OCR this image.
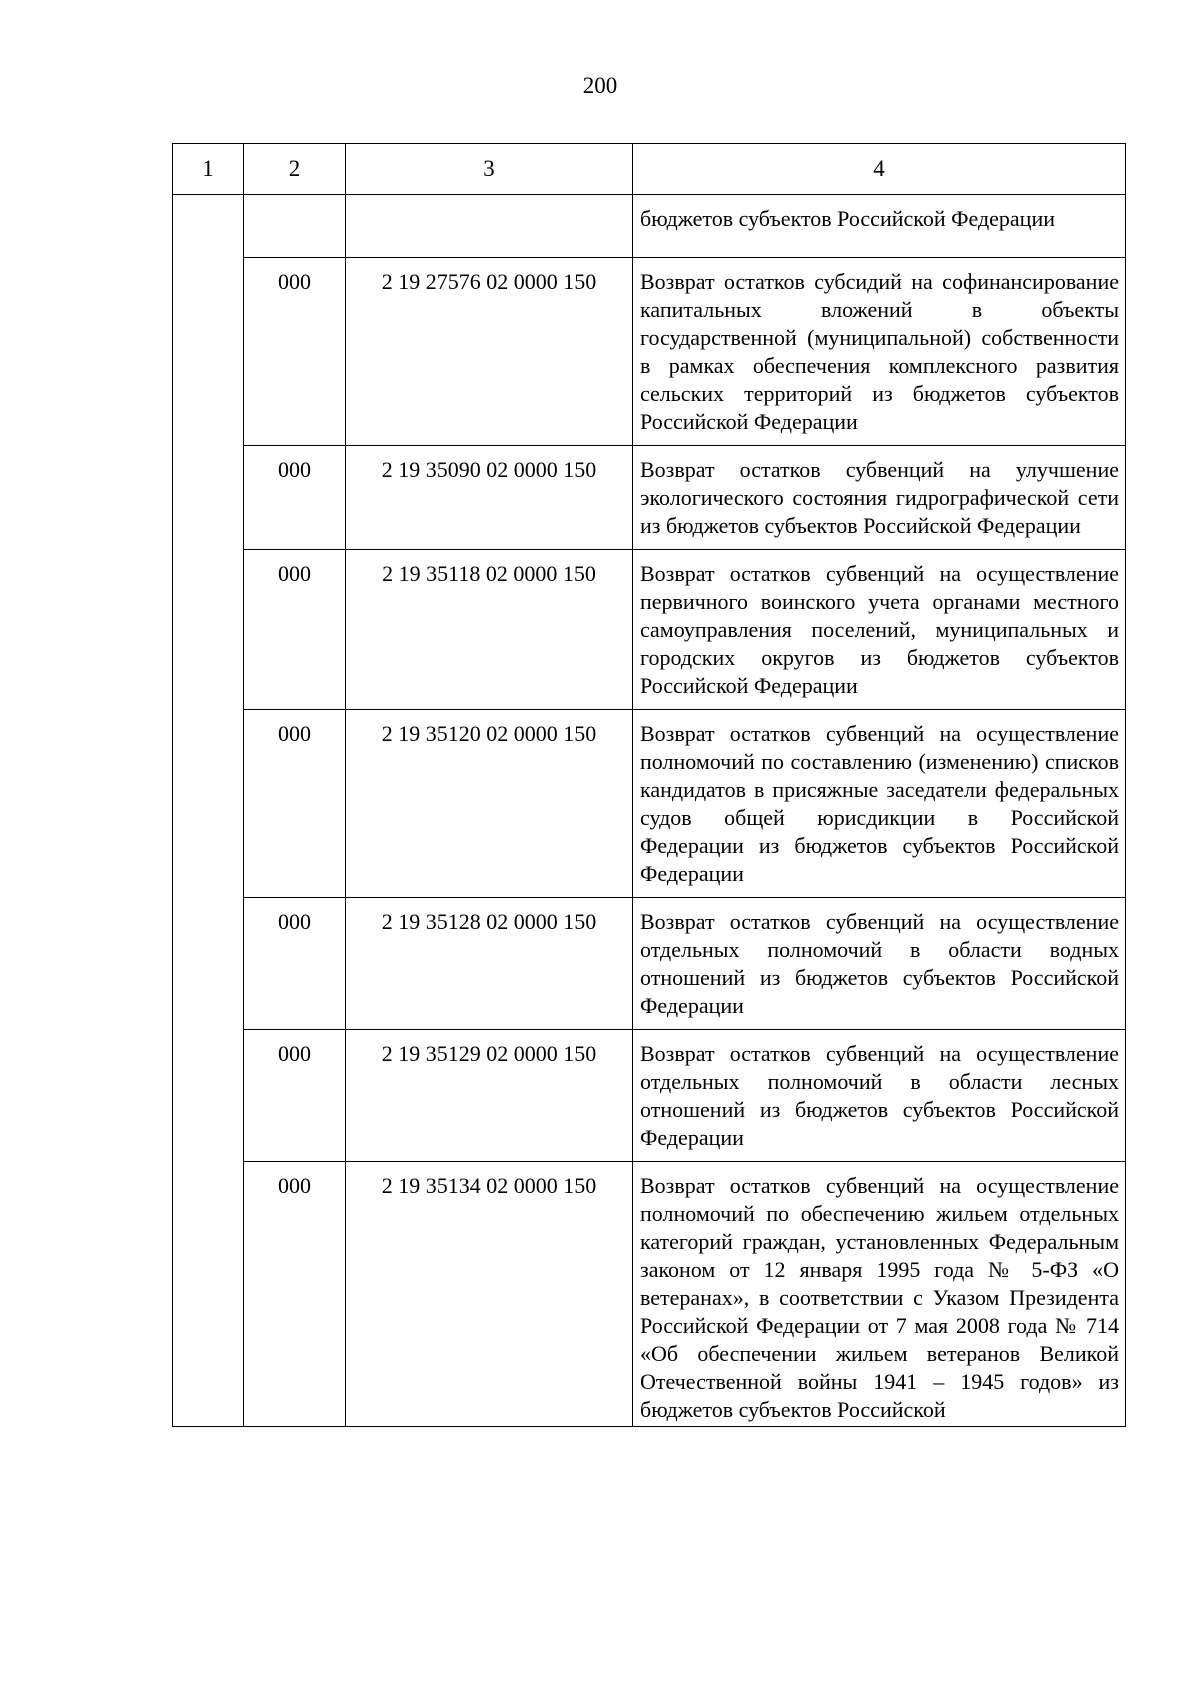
200
1	2	3	4
			бюджетов субъектов Российской Федерации
	000	2 19 27576 02 0000 150	Возврат остатков субсидий на софинансирование капитальных вложений в объекты государственной (муниципальной) собственности в рамках обеспечения комплексного развития сельских территорий из бюджетов субъектов Российской Федерации
	000	2 19 35090 02 0000 150	Возврат остатков субвенций на улучшение экологического состояния гидрографической сети из бюджетов субъектов Российской Федерации
	000	2 19 35118 02 0000 150	Возврат остатков субвенций на осуществление первичного воинского учета органами местного самоуправления поселений, муниципальных и городских округов из бюджетов субъектов Российской Федерации
	000	2 19 35120 02 0000 150	Возврат остатков субвенций на осуществление полномочий по составлению (изменению) списков кандидатов в присяжные заседатели федеральных судов общей юрисдикции в Российской Федерации из бюджетов субъектов Российской Федерации
	000	2 19 35128 02 0000 150	Возврат остатков субвенций на осуществление отдельных полномочий в области водных отношений из бюджетов субъектов Российской Федерации
	000	2 19 35129 02 0000 150	Возврат остатков субвенций на осуществление отдельных полномочий в области лесных отношений из бюджетов субъектов Российской Федерации
	000	2 19 35134 02 0000 150	Возврат остатков субвенций на осуществление полномочий по обеспечению жильем отдельных категорий граждан, установленных Федеральным законом от 12 января 1995 года № 5-ФЗ «О ветеранах», в соответствии с Указом Президента Российской Федерации от 7 мая 2008 года № 714 «Об обеспечении жильем ветеранов Великой Отечественной войны 1941 – 1945 годов» из бюджетов субъектов Российской
